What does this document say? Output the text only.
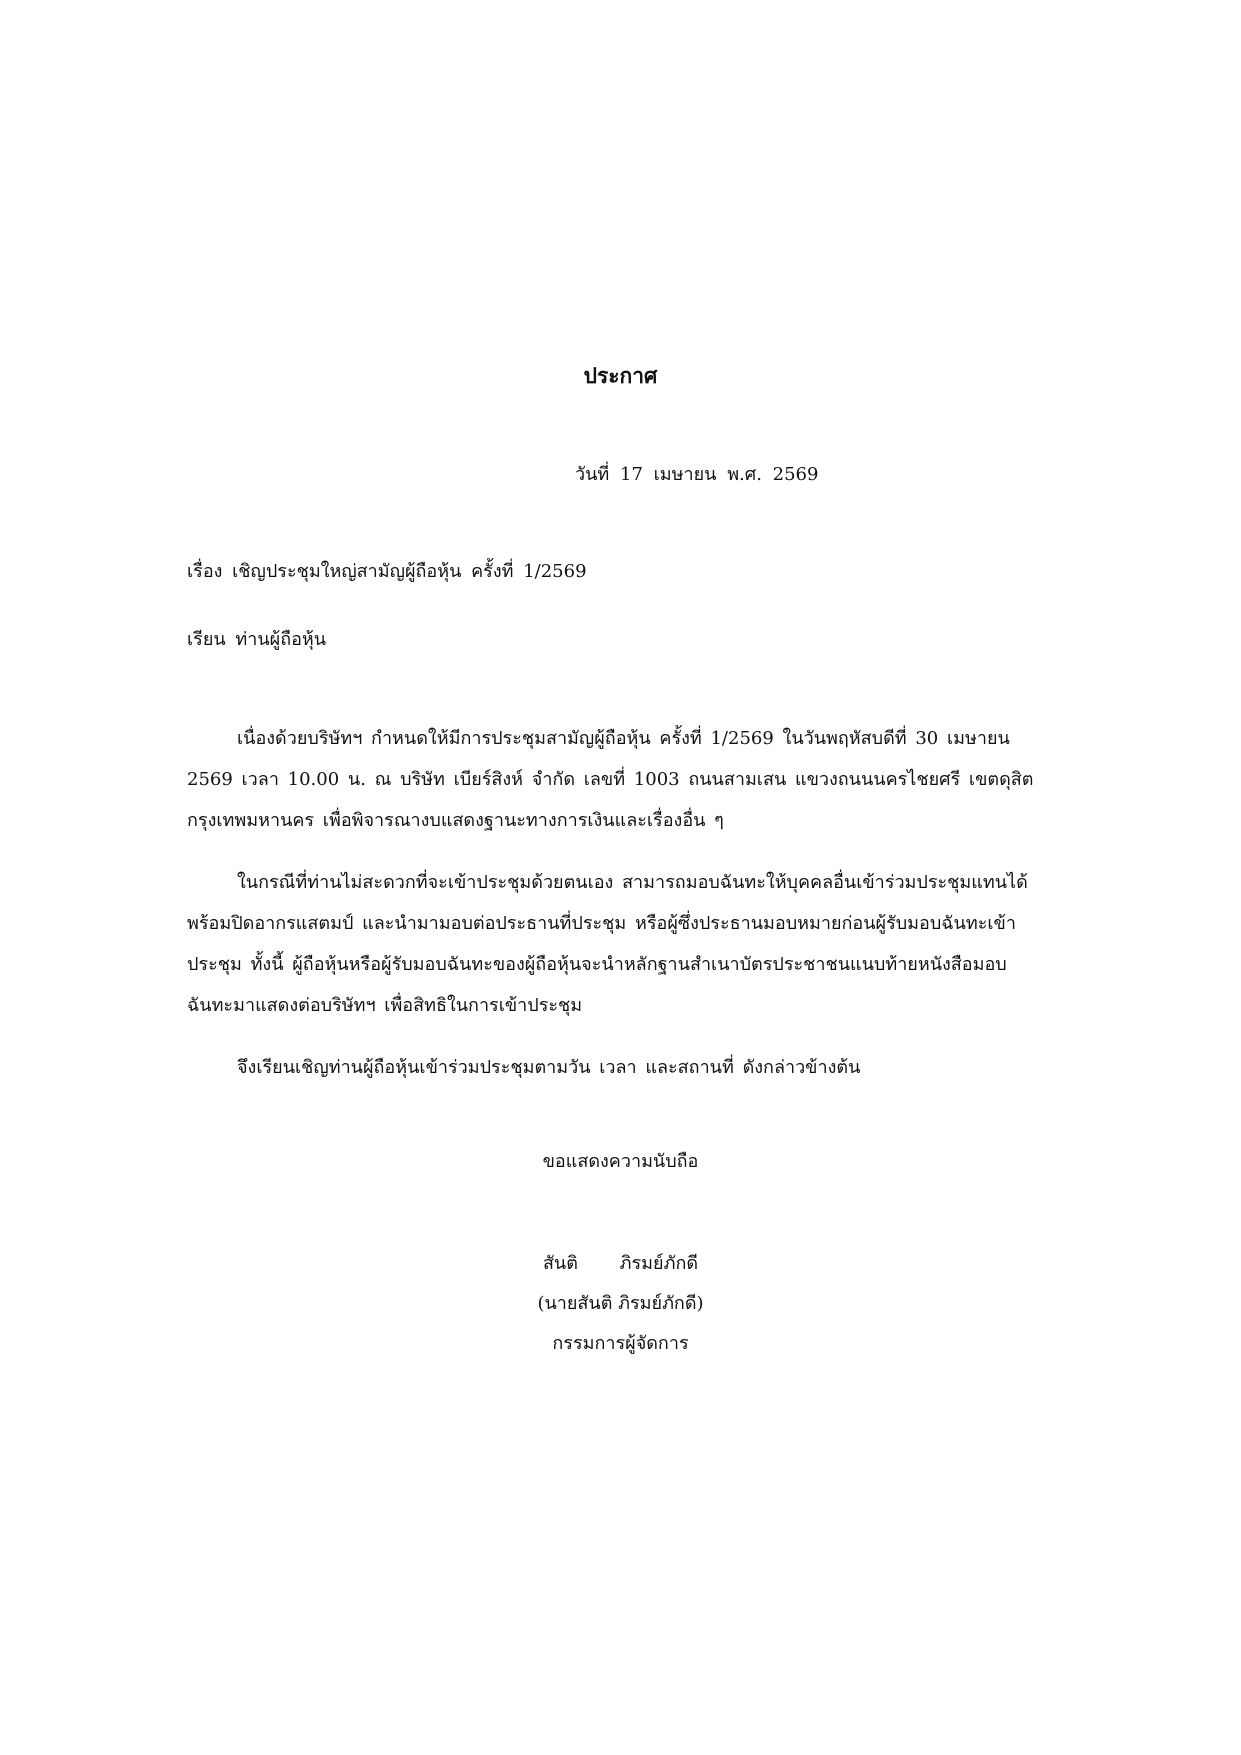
ประกาศ
วันที่ 17 เมษายน พ.ศ. 2569
เรื่อง เชิญประชุมใหญ่สามัญผู้ถือหุ้น ครั้งที่ 1/2569
เรียน ท่านผู้ถือหุ้น
เนื่องด้วยบริษัทฯ กำหนดให้มีการประชุมสามัญผู้ถือหุ้น ครั้งที่ 1/2569 ในวันพฤหัสบดีที่ 30 เมษายน
2569 เวลา 10.00 น. ณ บริษัท เบียร์สิงห์ จำกัด เลขที่ 1003 ถนนสามเสน แขวงถนนนครไชยศรี เขตดุสิต
กรุงเทพมหานคร เพื่อพิจารณางบแสดงฐานะทางการเงินและเรื่องอื่น ๆ
ในกรณีที่ท่านไม่สะดวกที่จะเข้าประชุมด้วยตนเอง สามารถมอบฉันทะให้บุคคลอื่นเข้าร่วมประชุมแทนได้
พร้อมปิดอากรแสตมป์ และนำมามอบต่อประธานที่ประชุม หรือผู้ซึ่งประธานมอบหมายก่อนผู้รับมอบฉันทะเข้า
ประชุม ทั้งนี้ ผู้ถือหุ้นหรือผู้รับมอบฉันทะของผู้ถือหุ้นจะนำหลักฐานสำเนาบัตรประชาชนแนบท้ายหนังสือมอบ
ฉันทะมาแสดงต่อบริษัทฯ เพื่อสิทธิในการเข้าประชุม
จึงเรียนเชิญท่านผู้ถือหุ้นเข้าร่วมประชุมตามวัน เวลา และสถานที่ ดังกล่าวข้างต้น
ขอแสดงความนับถือ
สันติ ภิรมย์ภักดี
(นายสันติ ภิรมย์ภักดี)
กรรมการผู้จัดการ
